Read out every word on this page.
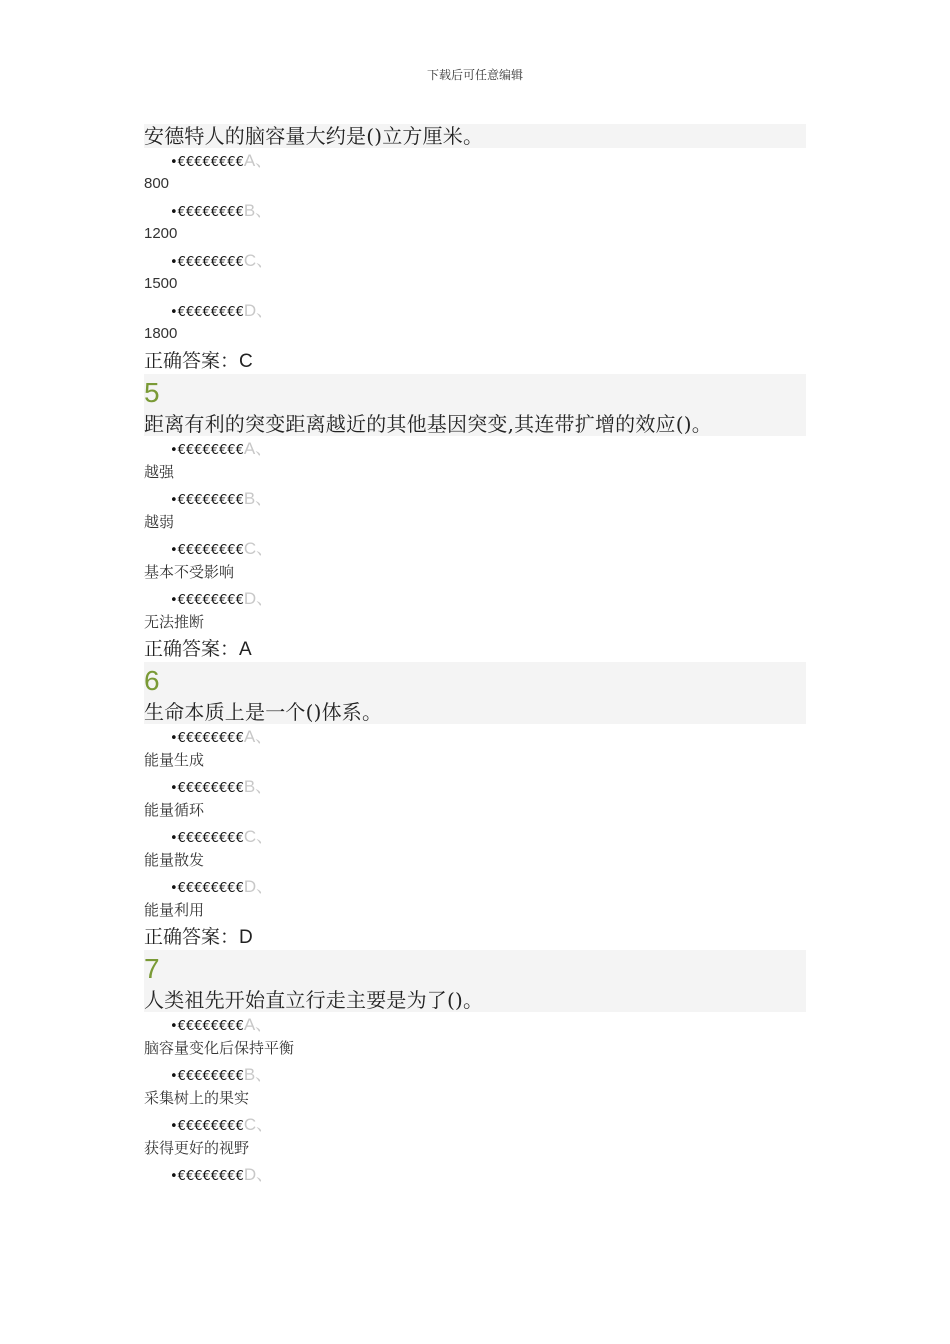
下载后可任意编辑
安德特人的脑容量大约是()立方厘米。
•€€€€€€€€A、
800
•€€€€€€€€B、
1200
•€€€€€€€€C、
1500
•€€€€€€€€D、
1800
正确答案：C
5
距离有利的突变距离越近的其他基因突变,其连带扩增的效应()。
•€€€€€€€€A、
越强
•€€€€€€€€B、
越弱
•€€€€€€€€C、
基本不受影响
•€€€€€€€€D、
无法推断
正确答案：A
6
生命本质上是一个()体系。
•€€€€€€€€A、
能量生成
•€€€€€€€€B、
能量循环
•€€€€€€€€C、
能量散发
•€€€€€€€€D、
能量利用
正确答案：D
7
人类祖先开始直立行走主要是为了()。
•€€€€€€€€A、
脑容量变化后保持平衡
•€€€€€€€€B、
采集树上的果实
•€€€€€€€€C、
获得更好的视野
•€€€€€€€€D、
